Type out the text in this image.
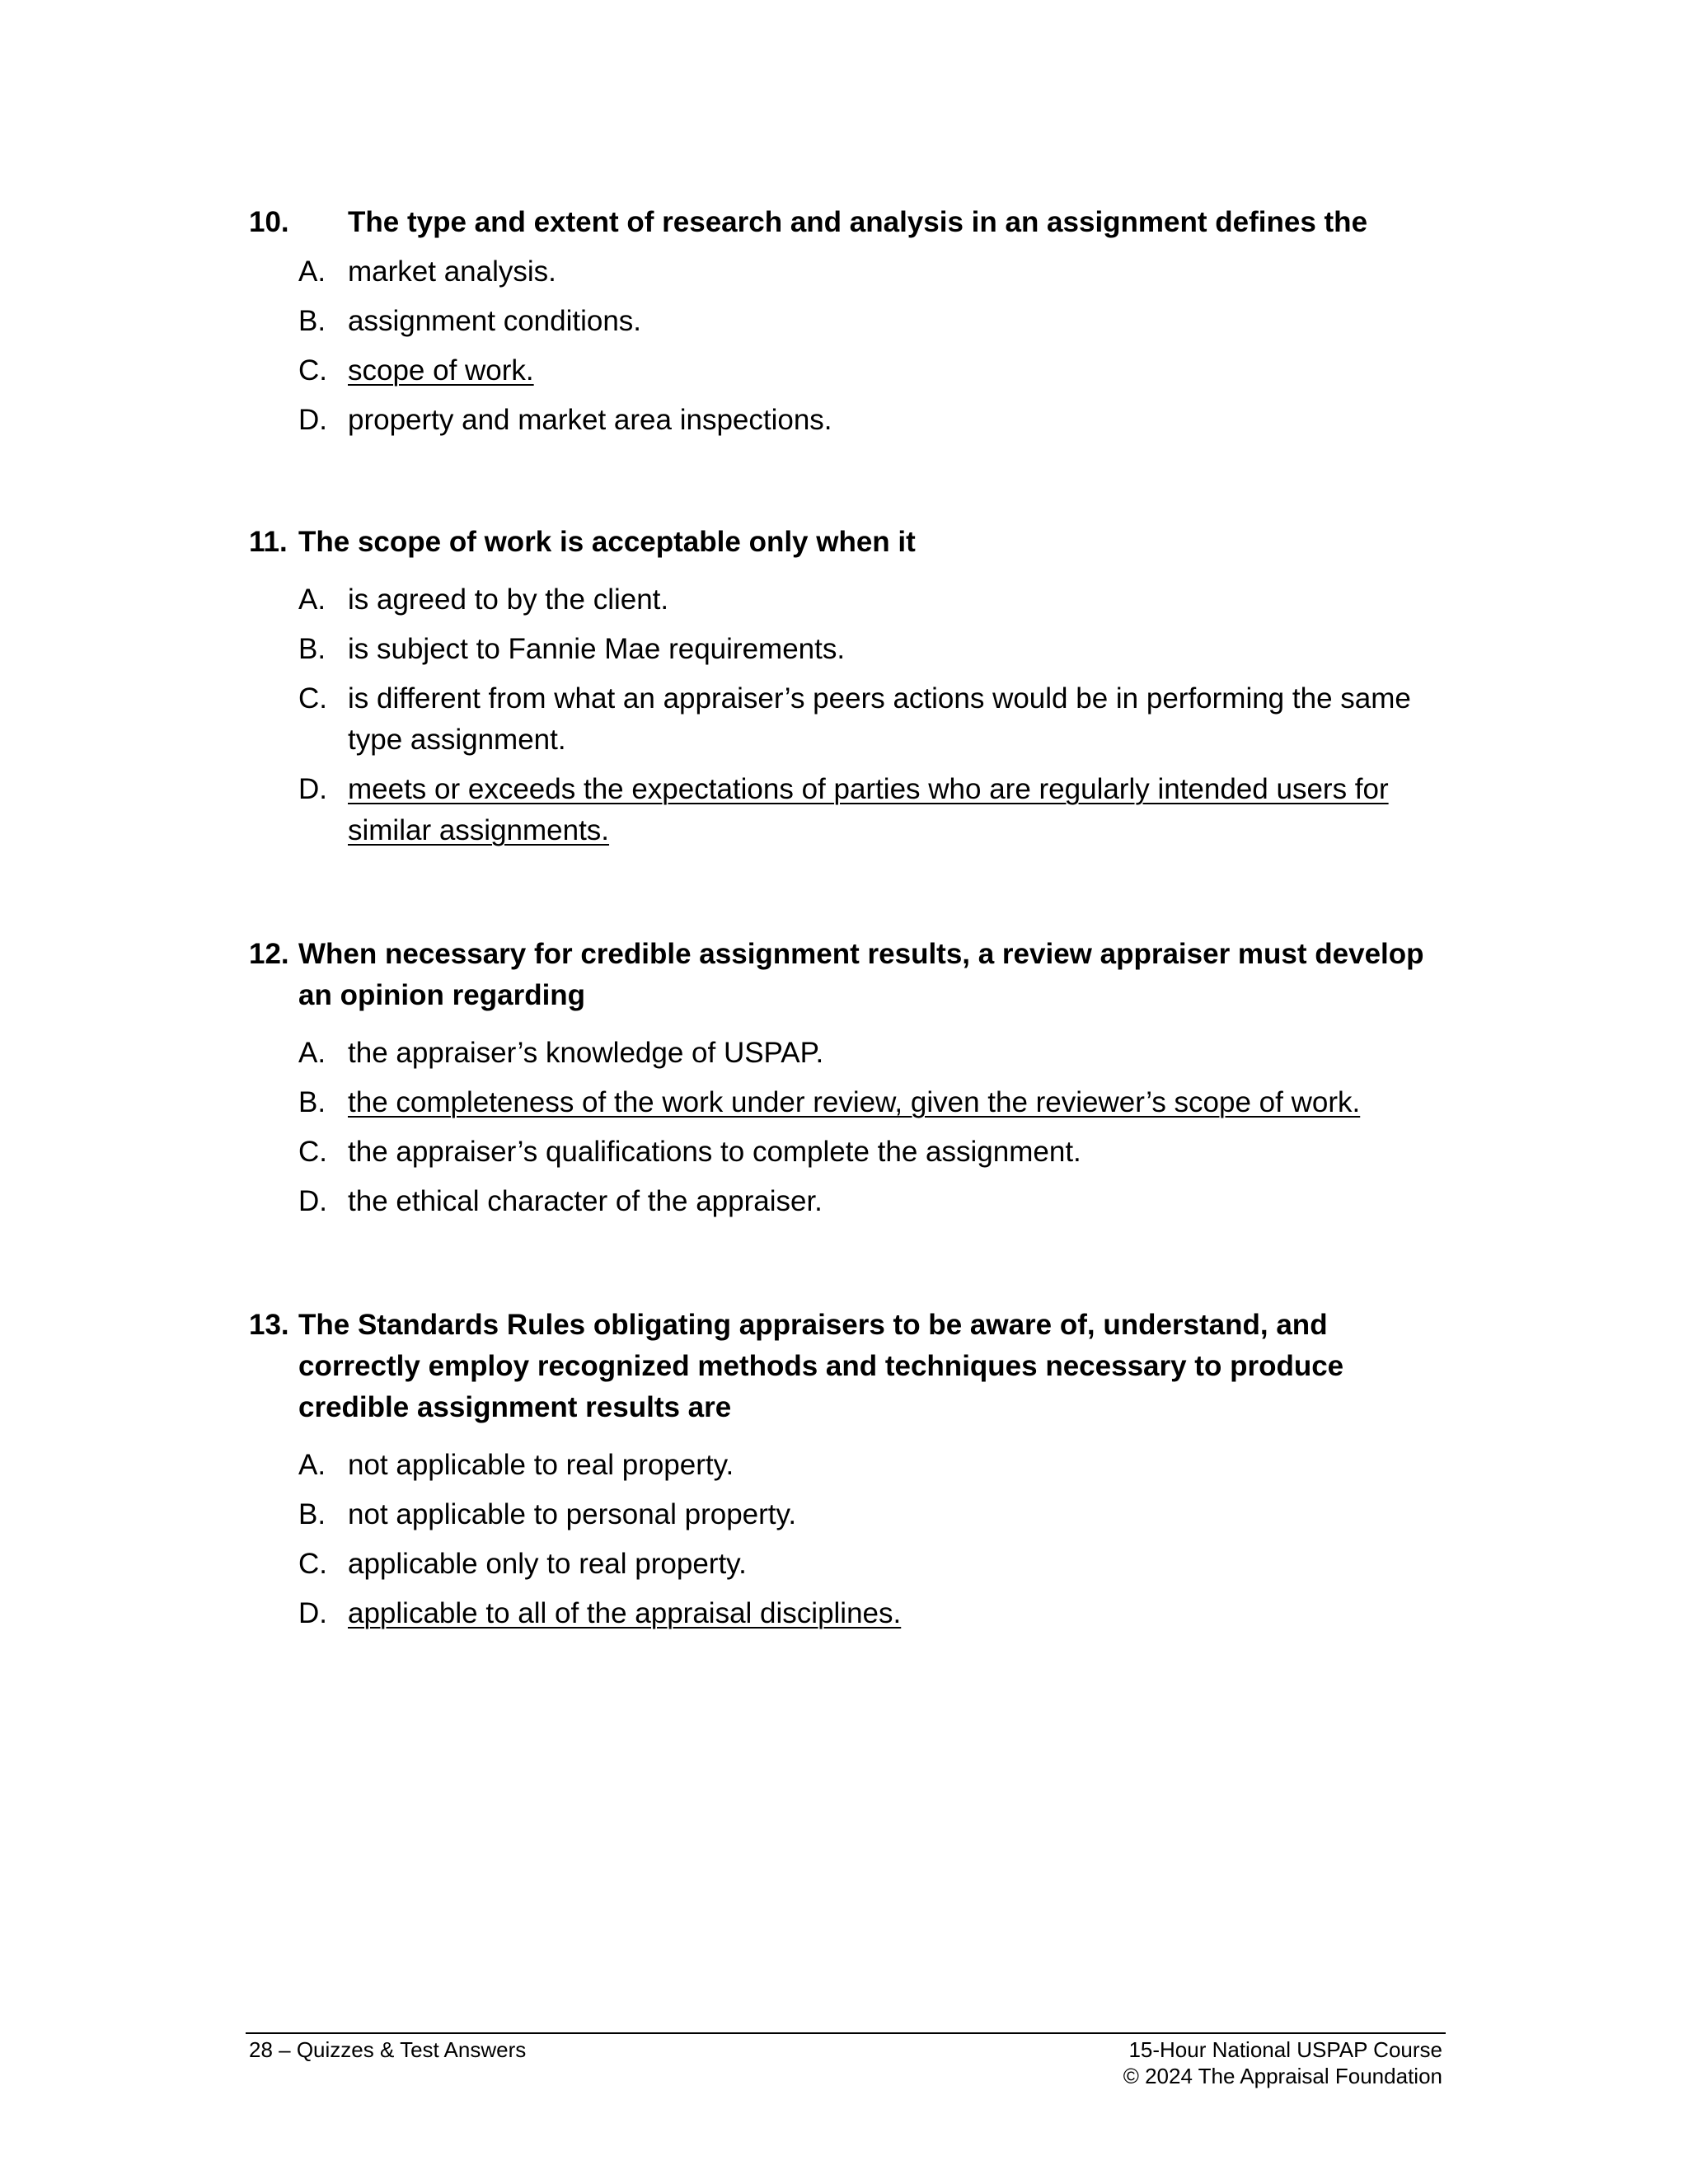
10.	The type and extent of research and analysis in an assignment defines the
A. market analysis.
B. assignment conditions.
C. scope of work.
D. property and market area inspections.
11. The scope of work is acceptable only when it
A. is agreed to by the client.
B. is subject to Fannie Mae requirements.
C. is different from what an appraiser’s peers actions would be in performing the same type assignment.
D. meets or exceeds the expectations of parties who are regularly intended users for similar assignments.
12. When necessary for credible assignment results, a review appraiser must develop an opinion regarding
A. the appraiser’s knowledge of USPAP.
B. the completeness of the work under review, given the reviewer’s scope of work.
C. the appraiser’s qualifications to complete the assignment.
D. the ethical character of the appraiser.
13. The Standards Rules obligating appraisers to be aware of, understand, and correctly employ recognized methods and techniques necessary to produce credible assignment results are
A. not applicable to real property.
B. not applicable to personal property.
C. applicable only to real property.
D. applicable to all of the appraisal disciplines.
28 – Quizzes & Test Answers	15-Hour National USPAP Course
© 2024 The Appraisal Foundation
